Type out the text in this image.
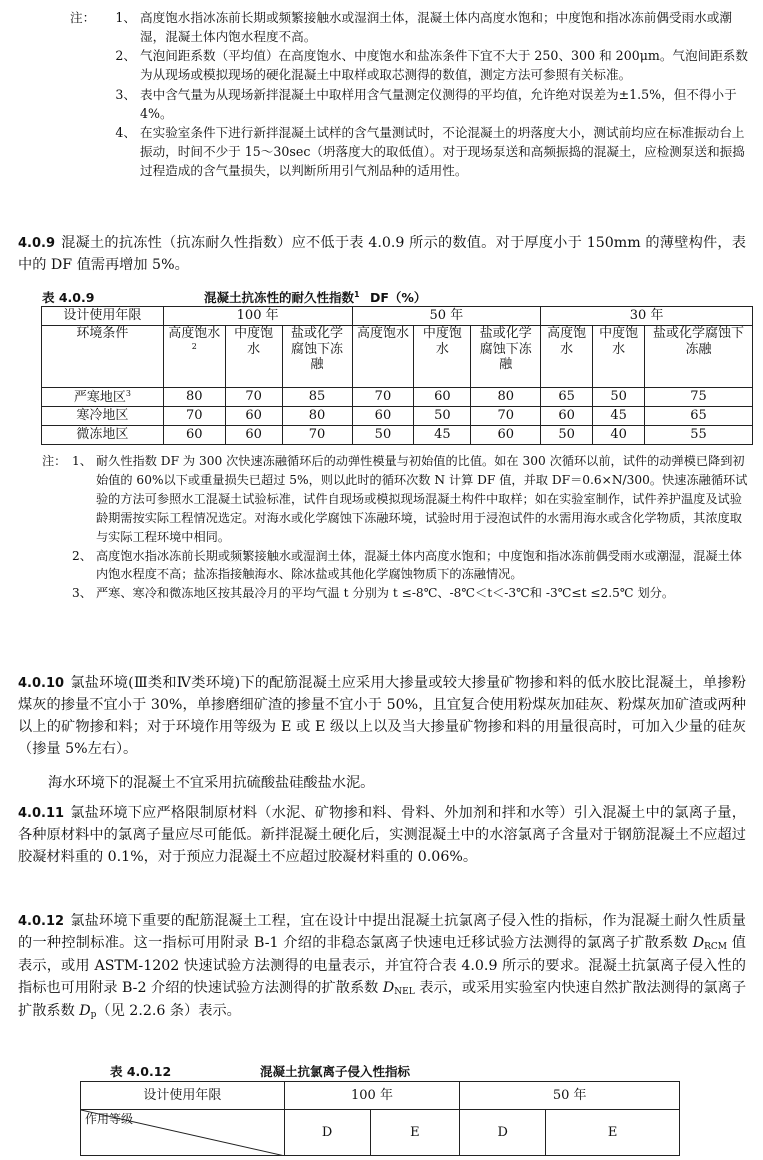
注：	1、 高度饱水指冰冻前长期或频繁接触水或湿润土体，混凝土体内高度水饱和；中度饱和指冰冻前偶受雨水或潮湿，混凝土体内饱水程度不高。
2、 气泡间距系数（平均值）在高度饱水、中度饱水和盐冻条件下宜不大于 250、300 和 200μm。气泡间距系数为从现场或模拟现场的硬化混凝土中取样或取芯测得的数值，测定方法可参照有关标准。
3、 表中含气量为从现场新拌混凝土中取样用含气量测定仪测得的平均值，允许绝对误差为±1.5%，但不得小于 4%。
4、 在实验室条件下进行新拌混凝土试样的含气量测试时，不论混凝土的坍落度大小，测试前均应在标准振动台上振动，时间不少于 15～30sec（坍落度大的取低值）。对于现场泵送和高频振捣的混凝土，应检测泵送和振捣过程造成的含气量损失，以判断所用引气剂品种的适用性。
4.0.9 混凝土的抗冻性（抗冻耐久性指数）应不低于表 4.0.9 所示的数值。对于厚度小于 150mm 的薄壁构件，表中的 DF 值需再增加 5%。
表 4.0.9	混凝土抗冻性的耐久性指数$^1$ DF（%）
设计使用年限	100 年			50 年			30 年		
环境条件	高度饱水$^2$	中度饱水	盐或化学腐蚀下冻融	高度饱水	中度饱水	盐或化学腐蚀下冻融	高度饱水	中度饱水	盐或化学腐蚀下冻融
严寒地区$^3$	80	70	85	70	60	80	65	50	75
寒冷地区	70	60	80	60	50	70	60	45	65
微冻地区	60	60	70	50	45	60	50	40	55
注： 1、 耐久性指数 DF 为 300 次快速冻融循环后的动弹性模量与初始值的比值。如在 300 次循环以前，试件的动弹模已降到初始值的 60%以下或重量损失已超过 5%，则以此时的循环次数 N 计算 DF 值，并取 DF＝0.6×N/300。快速冻融循环试验的方法可参照水工混凝土试验标准，试件自现场或模拟现场混凝土构件中取样；如在实验室制作，试件养护温度及试验龄期需按实际工程情况选定。对海水或化学腐蚀下冻融环境，试验时用于浸泡试件的水需用海水或含化学物质，其浓度取与实际工程环境中相同。
2、 高度饱水指冰冻前长期或频繁接触水或湿润土体，混凝土体内高度水饱和；中度饱和指冰冻前偶受雨水或潮湿，混凝土体内饱水程度不高；盐冻指接触海水、除冰盐或其他化学腐蚀物质下的冻融情况。
3、 严寒、寒冷和微冻地区按其最冷月的平均气温 t 分别为 t ≤-8℃、-8℃＜t＜-3℃和 -3℃≤t ≤2.5℃ 划分。
4.0.10 氯盐环境(Ⅲ类和Ⅳ类环境)下的配筋混凝土应采用大掺量或较大掺量矿物掺和料的低水胶比混凝土，单掺粉煤灰的掺量不宜小于 30%，单掺磨细矿渣的掺量不宜小于 50%，且宜复合使用粉煤灰加硅灰、粉煤灰加矿渣或两种以上的矿物掺和料；对于环境作用等级为 E 或 E 级以上以及当大掺量矿物掺和料的用量很高时，可加入少量的硅灰（掺量 5%左右）。
海水环境下的混凝土不宜采用抗硫酸盐硅酸盐水泥。
4.0.11 氯盐环境下应严格限制原材料（水泥、矿物掺和料、骨料、外加剂和拌和水等）引入混凝土中的氯离子量，各种原材料中的氯离子量应尽可能低。新拌混凝土硬化后，实测混凝土中的水溶氯离子含量对于钢筋混凝土不应超过胶凝材料重的 0.1%，对于预应力混凝土不应超过胶凝材料重的 0.06%。
4.0.12 氯盐环境下重要的配筋混凝土工程，宜在设计中提出混凝土抗氯离子侵入性的指标，作为混凝土耐久性质量的一种控制标准。这一指标可用附录 B-1 介绍的非稳态氯离子快速电迁移试验方法测得的氯离子扩散系数 $D_{RCM}$ 值表示，或用 ASTM-1202 快速试验方法测得的电量表示，并宜符合表 4.0.9 所示的要求。混凝土抗氯离子侵入性的指标也可用附录 B-2 介绍的快速试验方法测得的扩散系数 $D_{NEL}$ 表示，或采用实验室内快速自然扩散法测得的氯离子扩散系数 $D_p$（见 2.2.6 条）表示。
表 4.0.12	混凝土抗氯离子侵入性指标
设计使用年限	100 年		50 年	

作用等级	D	E	D	E
